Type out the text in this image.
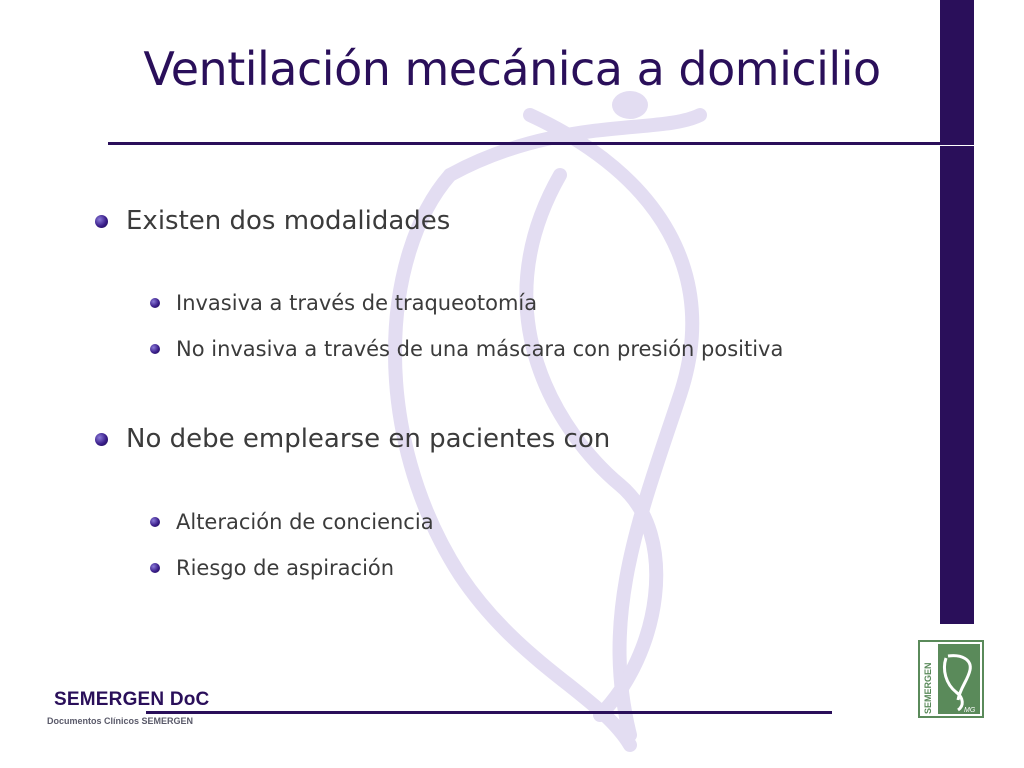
Ventilación mecánica a domicilio
Existen dos modalidades
Invasiva a través de traqueotomía
No invasiva a través de una máscara con presión positiva
No debe emplearse en pacientes con
Alteración de conciencia
Riesgo de aspiración
SEMERGEN DoC
Documentos Clínicos SEMERGEN
SEMERGEN	MG
